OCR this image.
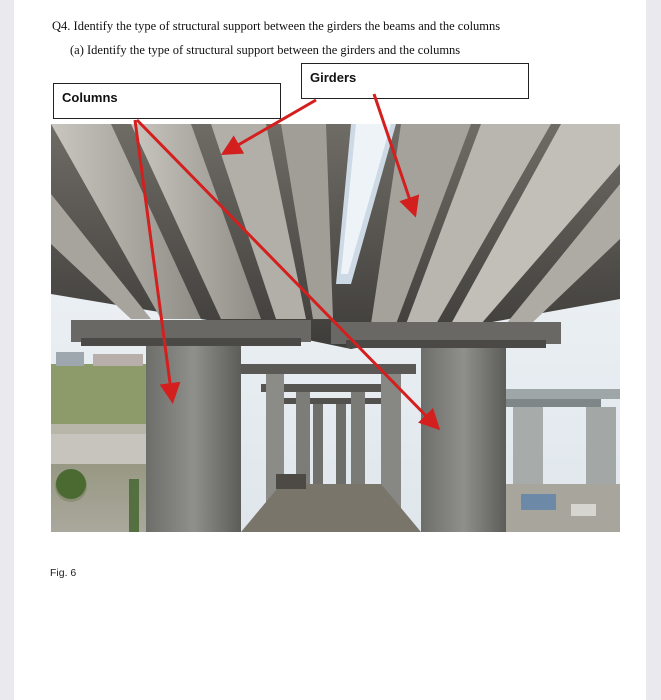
Q4. Identify the type of structural support between the girders the beams and the columns
(a) Identify the type of structural support between the girders and the columns
Girders
Columns
Fig. 6
